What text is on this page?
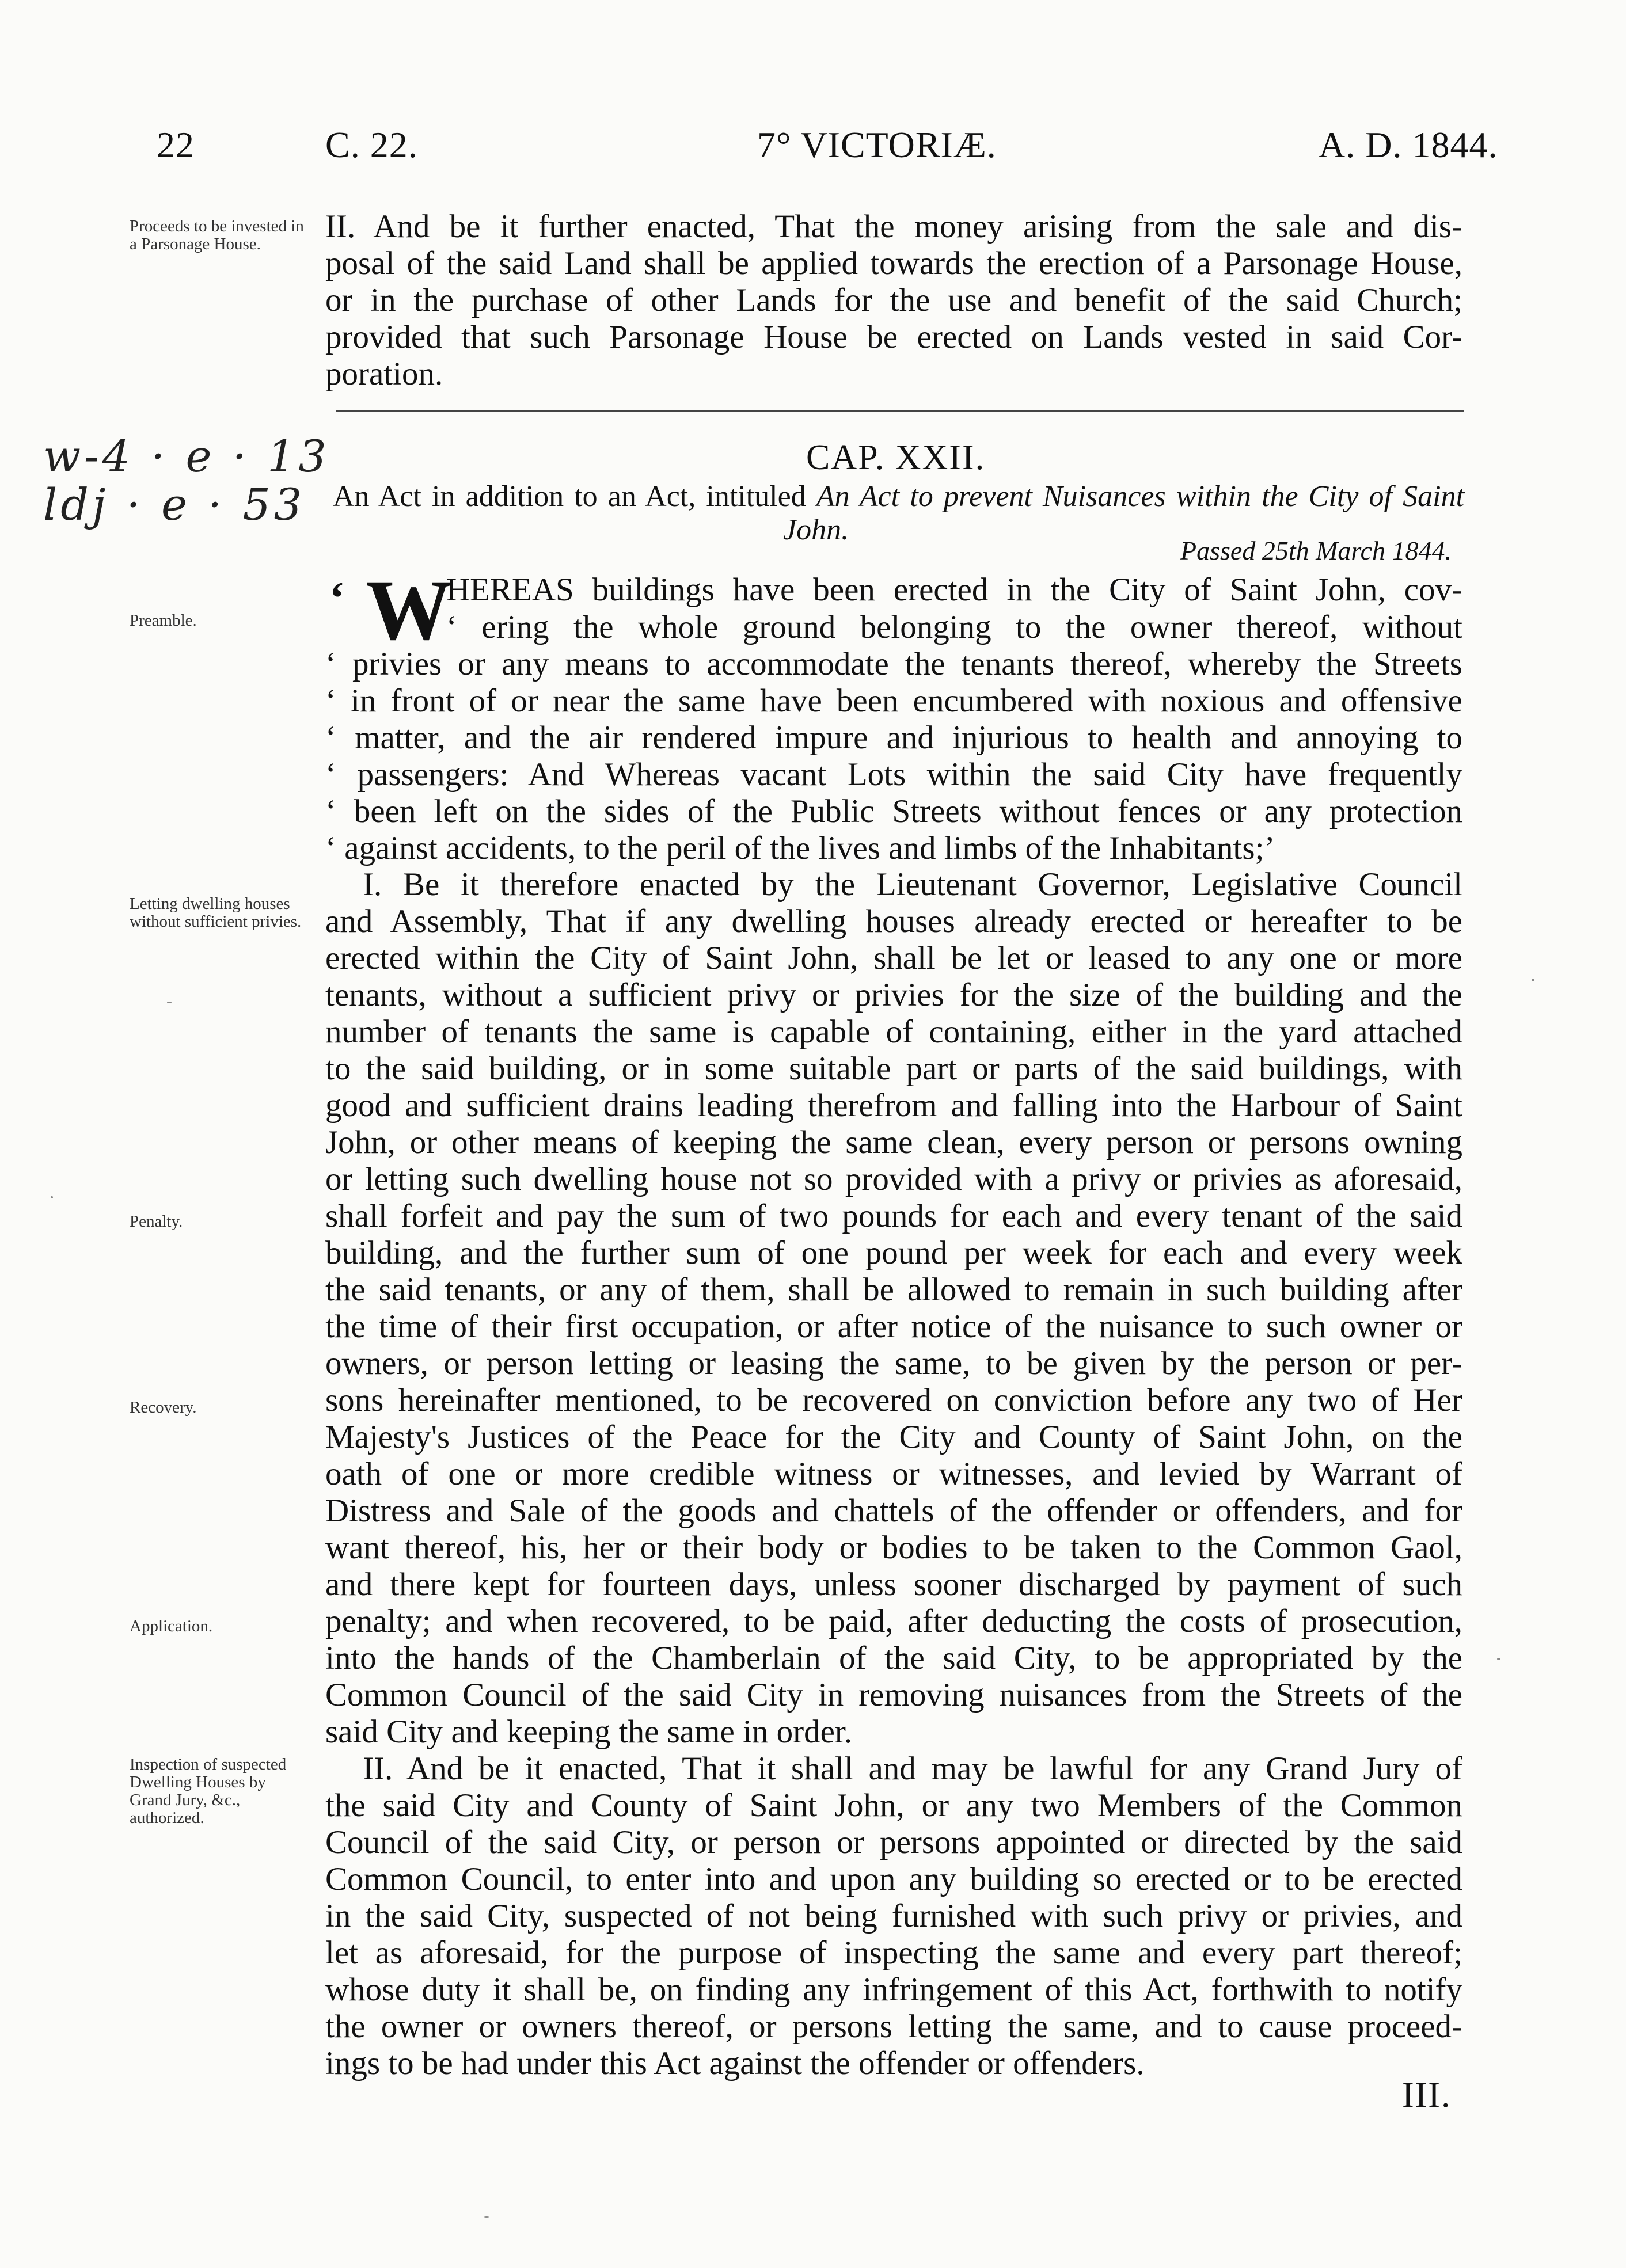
22	C. 22.	7° VICTORIÆ.	A. D. 1844.
Proceeds to be invested in a Parsonage House.	II. And be it further enacted, That the money arising from the sale and dis-
posal of the said Land shall be applied towards the erection of a Parsonage House,
or in the purchase of other Lands for the use and benefit of the said Church;
provided that such Parsonage House be erected on Lands vested in said Cor-
poration.
w-4 · e · 13
ldj · e · 53
CAP. XXII.
An Act in addition to an Act, intituled An Act to prevent Nuisances within the City of Saint
John.
Passed 25th March 1844.
Preamble.	‘ W
HEREAS buildings have been erected in the City of Saint John, cov-
‘ ering the whole ground belonging to the owner thereof, without
‘ privies or any means to accommodate the tenants thereof, whereby the Streets
‘ in front of or near the same have been encumbered with noxious and offensive
‘ matter, and the air rendered impure and injurious to health and annoying to
‘ passengers: And Whereas vacant Lots within the said City have frequently
‘ been left on the sides of the Public Streets without fences or any protection
‘ against accidents, to the peril of the lives and limbs of the Inhabitants;’
Letting dwelling houses without sufficient privies.
Penalty.
Recovery.
Application.
I. Be it therefore enacted by the Lieutenant Governor, Legislative Council
and Assembly, That if any dwelling houses already erected or hereafter to be
erected within the City of Saint John, shall be let or leased to any one or more
tenants, without a sufficient privy or privies for the size of the building and the
number of tenants the same is capable of containing, either in the yard attached
to the said building, or in some suitable part or parts of the said buildings, with
good and sufficient drains leading therefrom and falling into the Harbour of Saint
John, or other means of keeping the same clean, every person or persons owning
or letting such dwelling house not so provided with a privy or privies as aforesaid,
shall forfeit and pay the sum of two pounds for each and every tenant of the said
building, and the further sum of one pound per week for each and every week
the said tenants, or any of them, shall be allowed to remain in such building after
the time of their first occupation, or after notice of the nuisance to such owner or
owners, or person letting or leasing the same, to be given by the person or per-
sons hereinafter mentioned, to be recovered on conviction before any two of Her
Majesty's Justices of the Peace for the City and County of Saint John, on the
oath of one or more credible witness or witnesses, and levied by Warrant of
Distress and Sale of the goods and chattels of the offender or offenders, and for
want thereof, his, her or their body or bodies to be taken to the Common Gaol,
and there kept for fourteen days, unless sooner discharged by payment of such
penalty; and when recovered, to be paid, after deducting the costs of prosecution,
into the hands of the Chamberlain of the said City, to be appropriated by the
Common Council of the said City in removing nuisances from the Streets of the
said City and keeping the same in order.
Inspection of suspected Dwelling Houses by Grand Jury, &c., authorized.
II. And be it enacted, That it shall and may be lawful for any Grand Jury of
the said City and County of Saint John, or any two Members of the Common
Council of the said City, or person or persons appointed or directed by the said
Common Council, to enter into and upon any building so erected or to be erected
in the said City, suspected of not being furnished with such privy or privies, and
let as aforesaid, for the purpose of inspecting the same and every part thereof;
whose duty it shall be, on finding any infringement of this Act, forthwith to notify
the owner or owners thereof, or persons letting the same, and to cause proceed-
ings to be had under this Act against the offender or offenders.
III.
